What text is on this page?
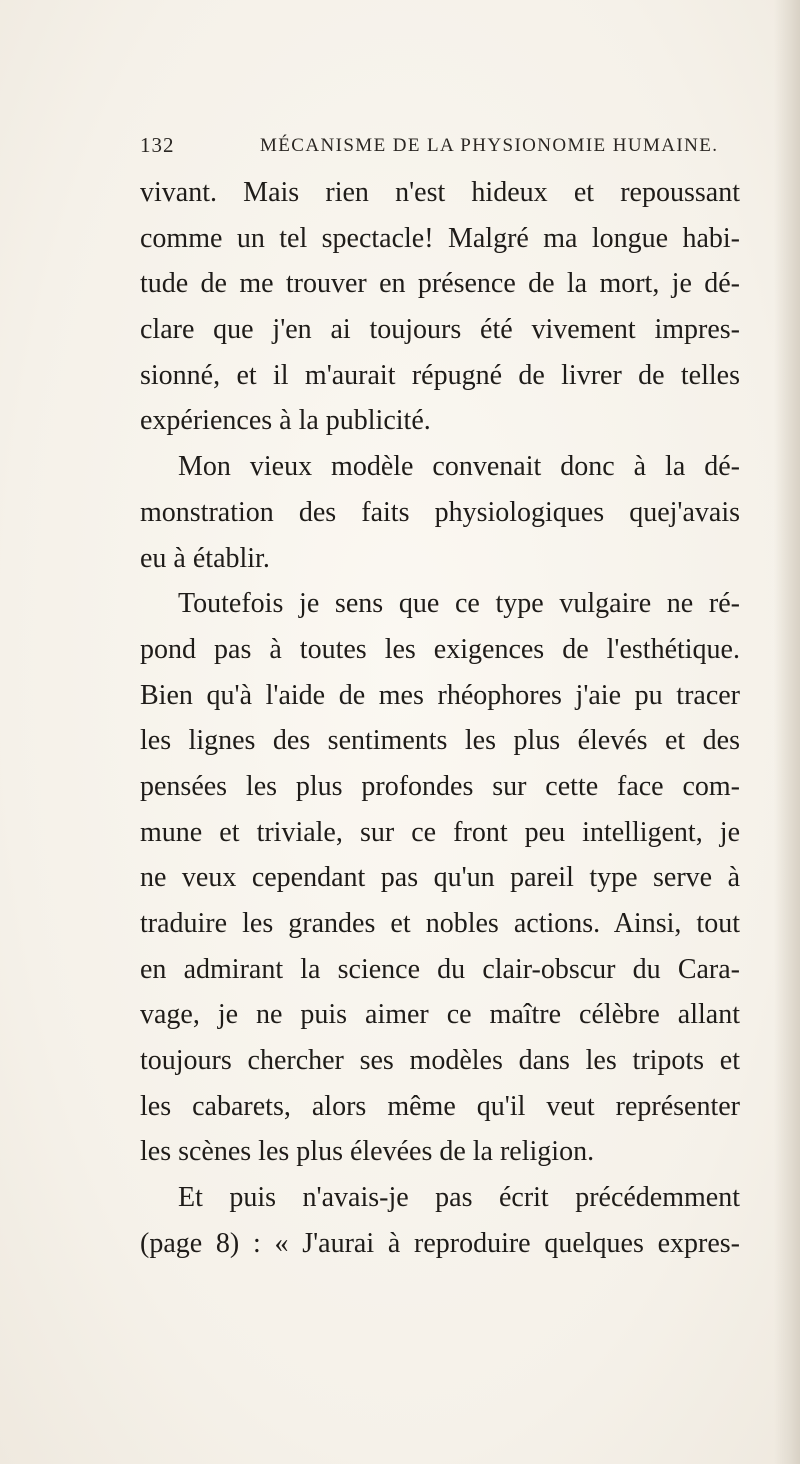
132	MÉCANISME DE LA PHYSIONOMIE HUMAINE.
vivant. Mais rien n'est hideux et repoussant
comme un tel spectacle! Malgré ma longue habi-
tude de me trouver en présence de la mort, je dé-
clare que j'en ai toujours été vivement impres-
sionné, et il m'aurait répugné de livrer de telles
expériences à la publicité.
Mon vieux modèle convenait donc à la dé-
monstration des faits physiologiques quej'avais
eu à établir.
Toutefois je sens que ce type vulgaire ne ré-
pond pas à toutes les exigences de l'esthétique.
Bien qu'à l'aide de mes rhéophores j'aie pu tracer
les lignes des sentiments les plus élevés et des
pensées les plus profondes sur cette face com-
mune et triviale, sur ce front peu intelligent, je
ne veux cependant pas qu'un pareil type serve à
traduire les grandes et nobles actions. Ainsi, tout
en admirant la science du clair-obscur du Cara-
vage, je ne puis aimer ce maître célèbre allant
toujours chercher ses modèles dans les tripots et
les cabarets, alors même qu'il veut représenter
les scènes les plus élevées de la religion.
Et puis n'avais-je pas écrit précédemment
(page 8) : « J'aurai à reproduire quelques expres-
